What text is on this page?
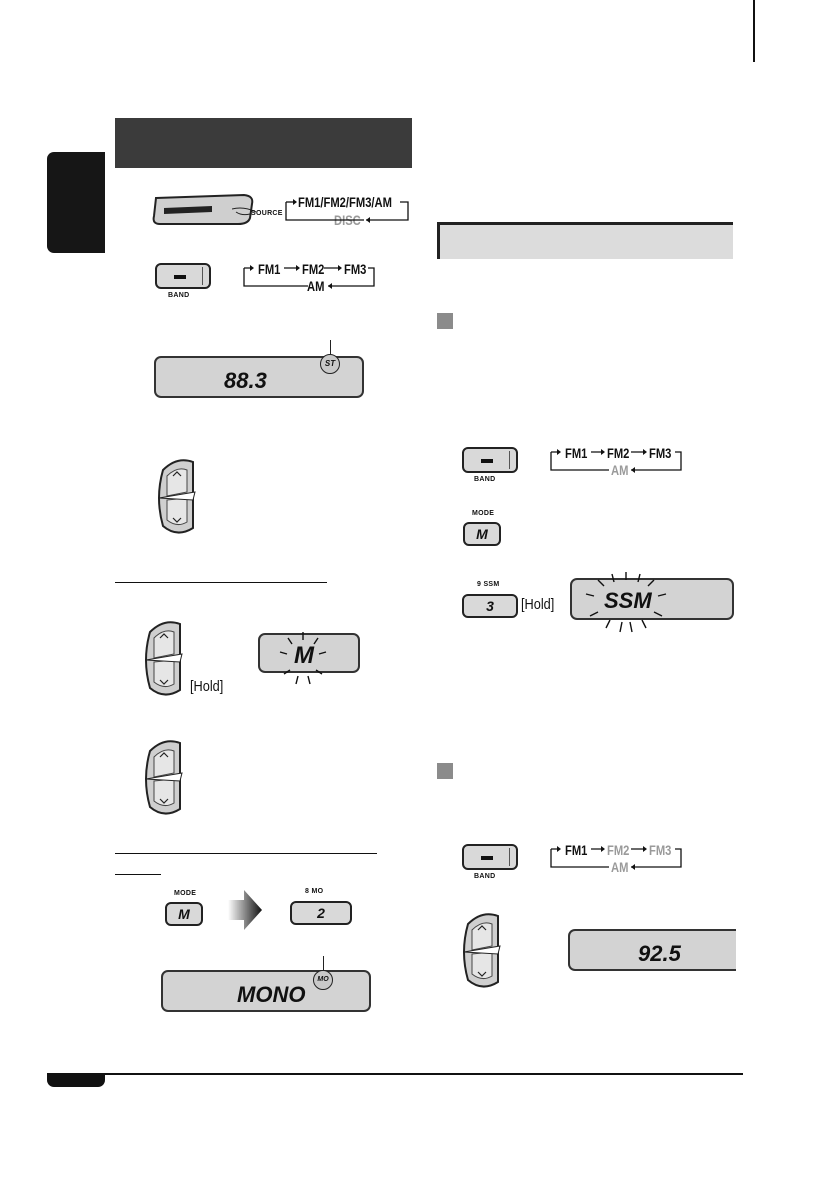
SOURCE
FM1/FM2/FM3/AM
DISC
BAND
FM1 FM2 FM3
AM
88.3
ST
[Hold]
M
MODE
M
8 MO
2
MONO
MO
BAND
FM1 FM2 FM3
AM
MODE
M
9 SSM
3	[Hold] SSM
BAND
FM1 FM2 FM3
AM
92.5
